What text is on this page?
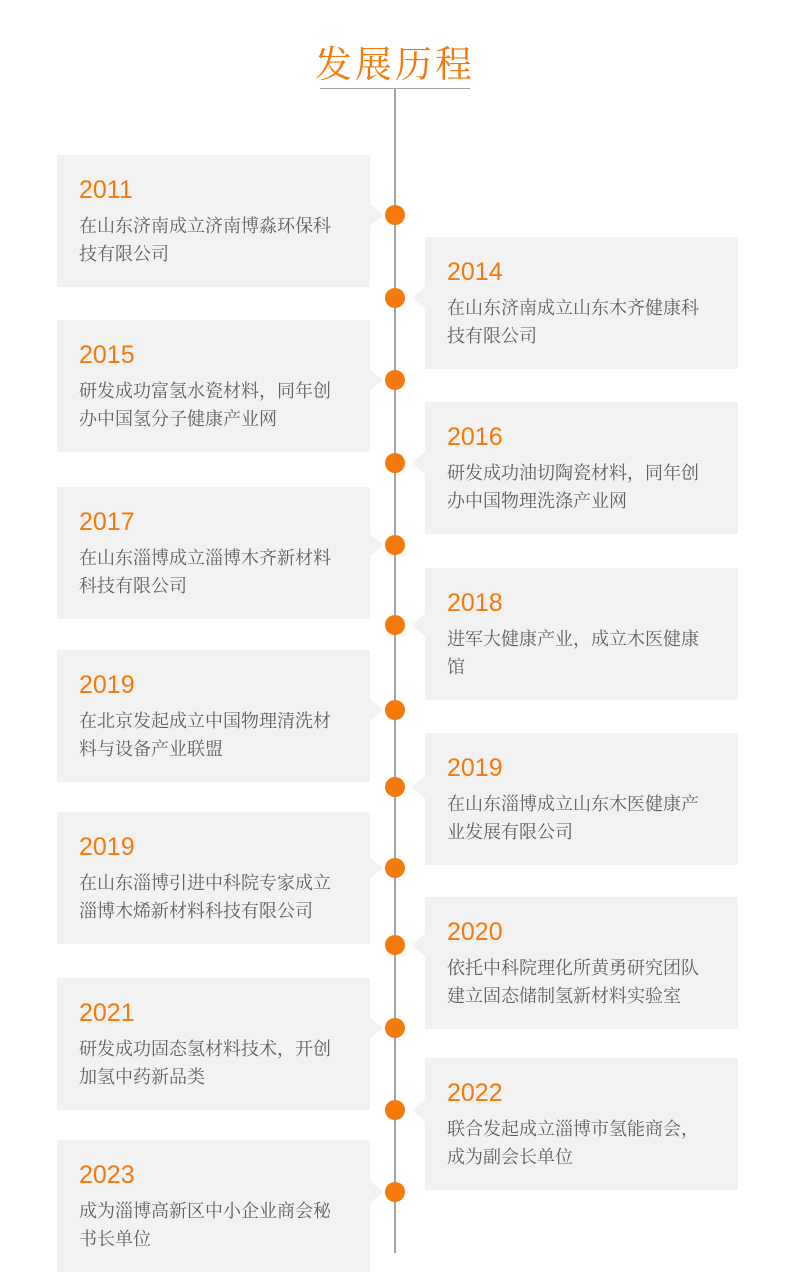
发展历程
2011
在山东济南成立济南博淼环保科技有限公司
2014
在山东济南成立山东木齐健康科技有限公司
2015
研发成功富氢水瓷材料，同年创办中国氢分子健康产业网
2016
研发成功油切陶瓷材料，同年创办中国物理洗涤产业网
2017
在山东淄博成立淄博木齐新材料科技有限公司
2018
进军大健康产业，成立木医健康馆
2019
在北京发起成立中国物理清洗材料与设备产业联盟
2019
在山东淄博成立山东木医健康产业发展有限公司
2019
在山东淄博引进中科院专家成立淄博木烯新材料科技有限公司
2020
依托中科院理化所黄勇研究团队建立固态储制氢新材料实验室
2021
研发成功固态氢材料技术，开创加氢中药新品类
2022
联合发起成立淄博市氢能商会，成为副会长单位
2023
成为淄博高新区中小企业商会秘书长单位
